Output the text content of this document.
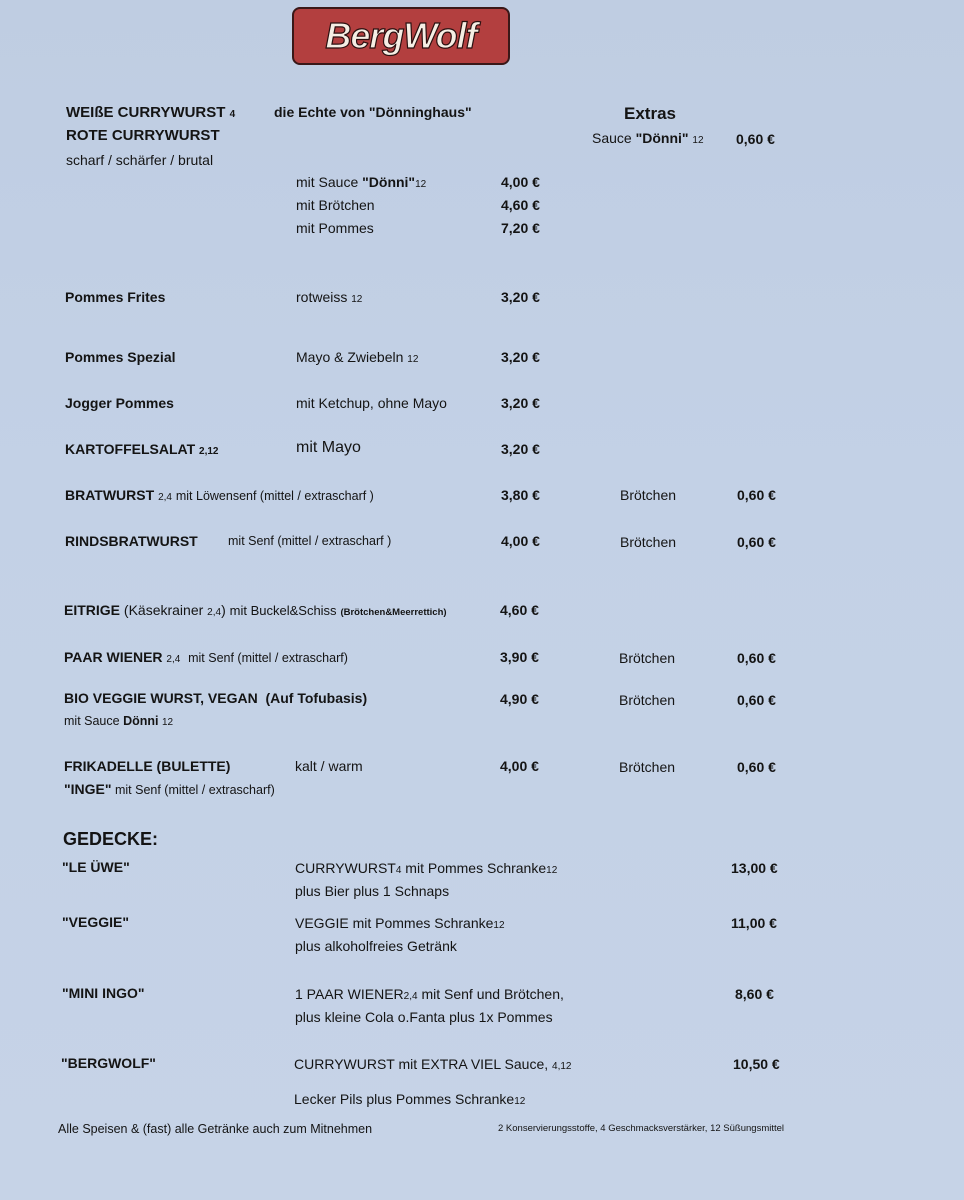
BergWolf
WEIßE CURRYWURST 4	die Echte von "Dönninghaus"
ROTE CURRYWURST
scharf / schärfer / brutal
Extras
Sauce "Dönni" 12 0,60 €
mit Sauce "Dönni"12	4,00 €
mit Brötchen	4,60 €
mit Pommes	7,20 €
Pommes Frites	rotweiss 12	3,20 €
Pommes Spezial	Mayo & Zwiebeln 12	3,20 €
Jogger Pommes	mit Ketchup, ohne Mayo	3,20 €
KARTOFFELSALAT 2,12	mit Mayo	3,20 €
BRATWURST 2,4 mit Löwensenf (mittel / extrascharf )	3,80 €	Brötchen	0,60 €
RINDSBRATWURST mit Senf (mittel / extrascharf )	4,00 €	Brötchen	0,60 €
EITRIGE (Käsekrainer 2,4) mit Buckel&Schiss (Brötchen&Meerrettich)	4,60 €
PAAR WIENER 2,4 mit Senf (mittel / extrascharf)	3,90 €	Brötchen	0,60 €
BIO VEGGIE WURST, VEGAN (Auf Tofubasis)
mit Sauce Dönni 12
4,90 €	Brötchen	0,60 €
FRIKADELLE (BULETTE)	kalt / warm
"INGE" mit Senf (mittel / extrascharf)
4,00 €	Brötchen	0,60 €
GEDECKE:
"LE ÜWE"	CURRYWURST4 mit Pommes Schranke12
plus Bier plus 1 Schnaps
13,00 €
"VEGGIE"	VEGGIE mit Pommes Schranke12
plus alkoholfreies Getränk
11,00 €
"MINI INGO"	1 PAAR WIENER2,4 mit Senf und Brötchen,
plus kleine Cola o.Fanta plus 1x Pommes
8,60 €
"BERGWOLF"	CURRYWURST mit EXTRA VIEL Sauce, 4,12
Lecker Pils plus Pommes Schranke12
10,50 €
Alle Speisen & (fast) alle Getränke auch zum Mitnehmen	2 Konservierungsstoffe, 4 Geschmacksverstärker, 12 Süßungsmittel
